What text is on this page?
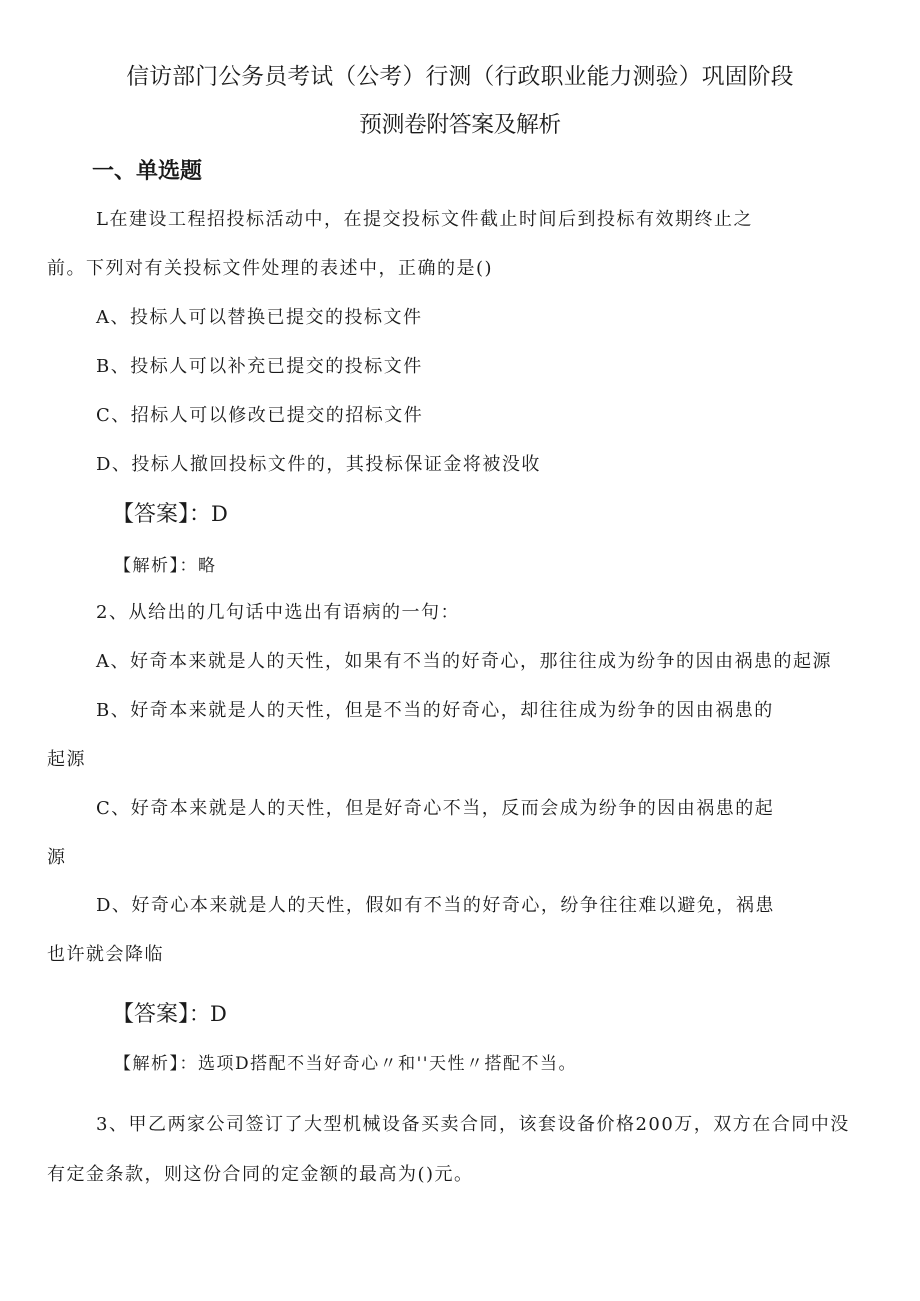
信访部门公务员考试（公考）行测（行政职业能力测验）巩固阶段
预测卷附答案及解析
一、单选题
L在建设工程招投标活动中，在提交投标文件截止时间后到投标有效期终止之
前。下列对有关投标文件处理的表述中，正确的是()
A、投标人可以替换已提交的投标文件
B、投标人可以补充已提交的投标文件
C、招标人可以修改已提交的招标文件
D、投标人撤回投标文件的，其投标保证金将被没收
【答案】：D
【解析】：略
2、从给出的几句话中选出有语病的一句：
A、好奇本来就是人的天性，如果有不当的好奇心，那往往成为纷争的因由祸患的起源
B、好奇本来就是人的天性，但是不当的好奇心，却往往成为纷争的因由祸患的
起源
C、好奇本来就是人的天性，但是好奇心不当，反而会成为纷争的因由祸患的起
源
D、好奇心本来就是人的天性，假如有不当的好奇心，纷争往往难以避免，祸患
也许就会降临
【答案】：D
【解析】：选项D搭配不当好奇心〃和''天性〃搭配不当。
3、甲乙两家公司签订了大型机械设备买卖合同，该套设备价格200万，双方在合同中没
有定金条款，则这份合同的定金额的最高为()元。
